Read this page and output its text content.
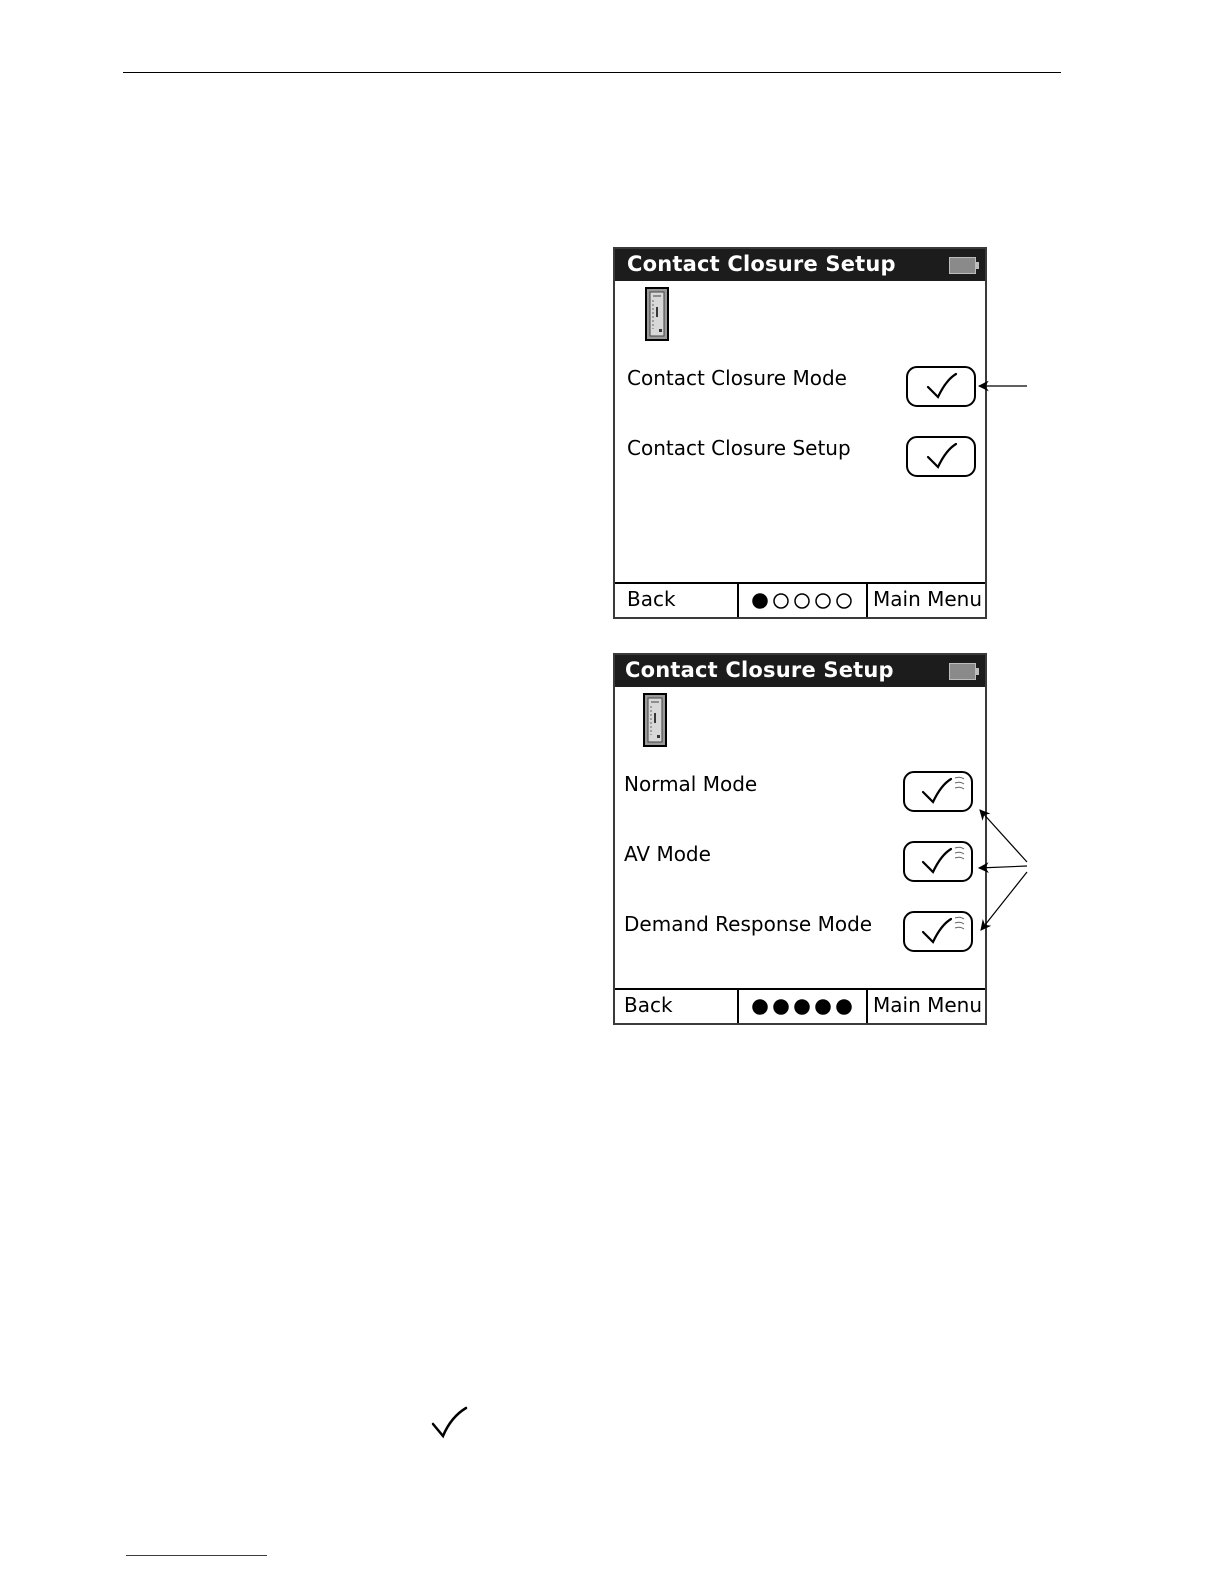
Contact Closure Setup
Contact Closure Mode
Contact Closure Setup
Back	Main Menu
Contact Closure Setup
Normal Mode
AV Mode
Demand Response Mode
Back	Main Menu
